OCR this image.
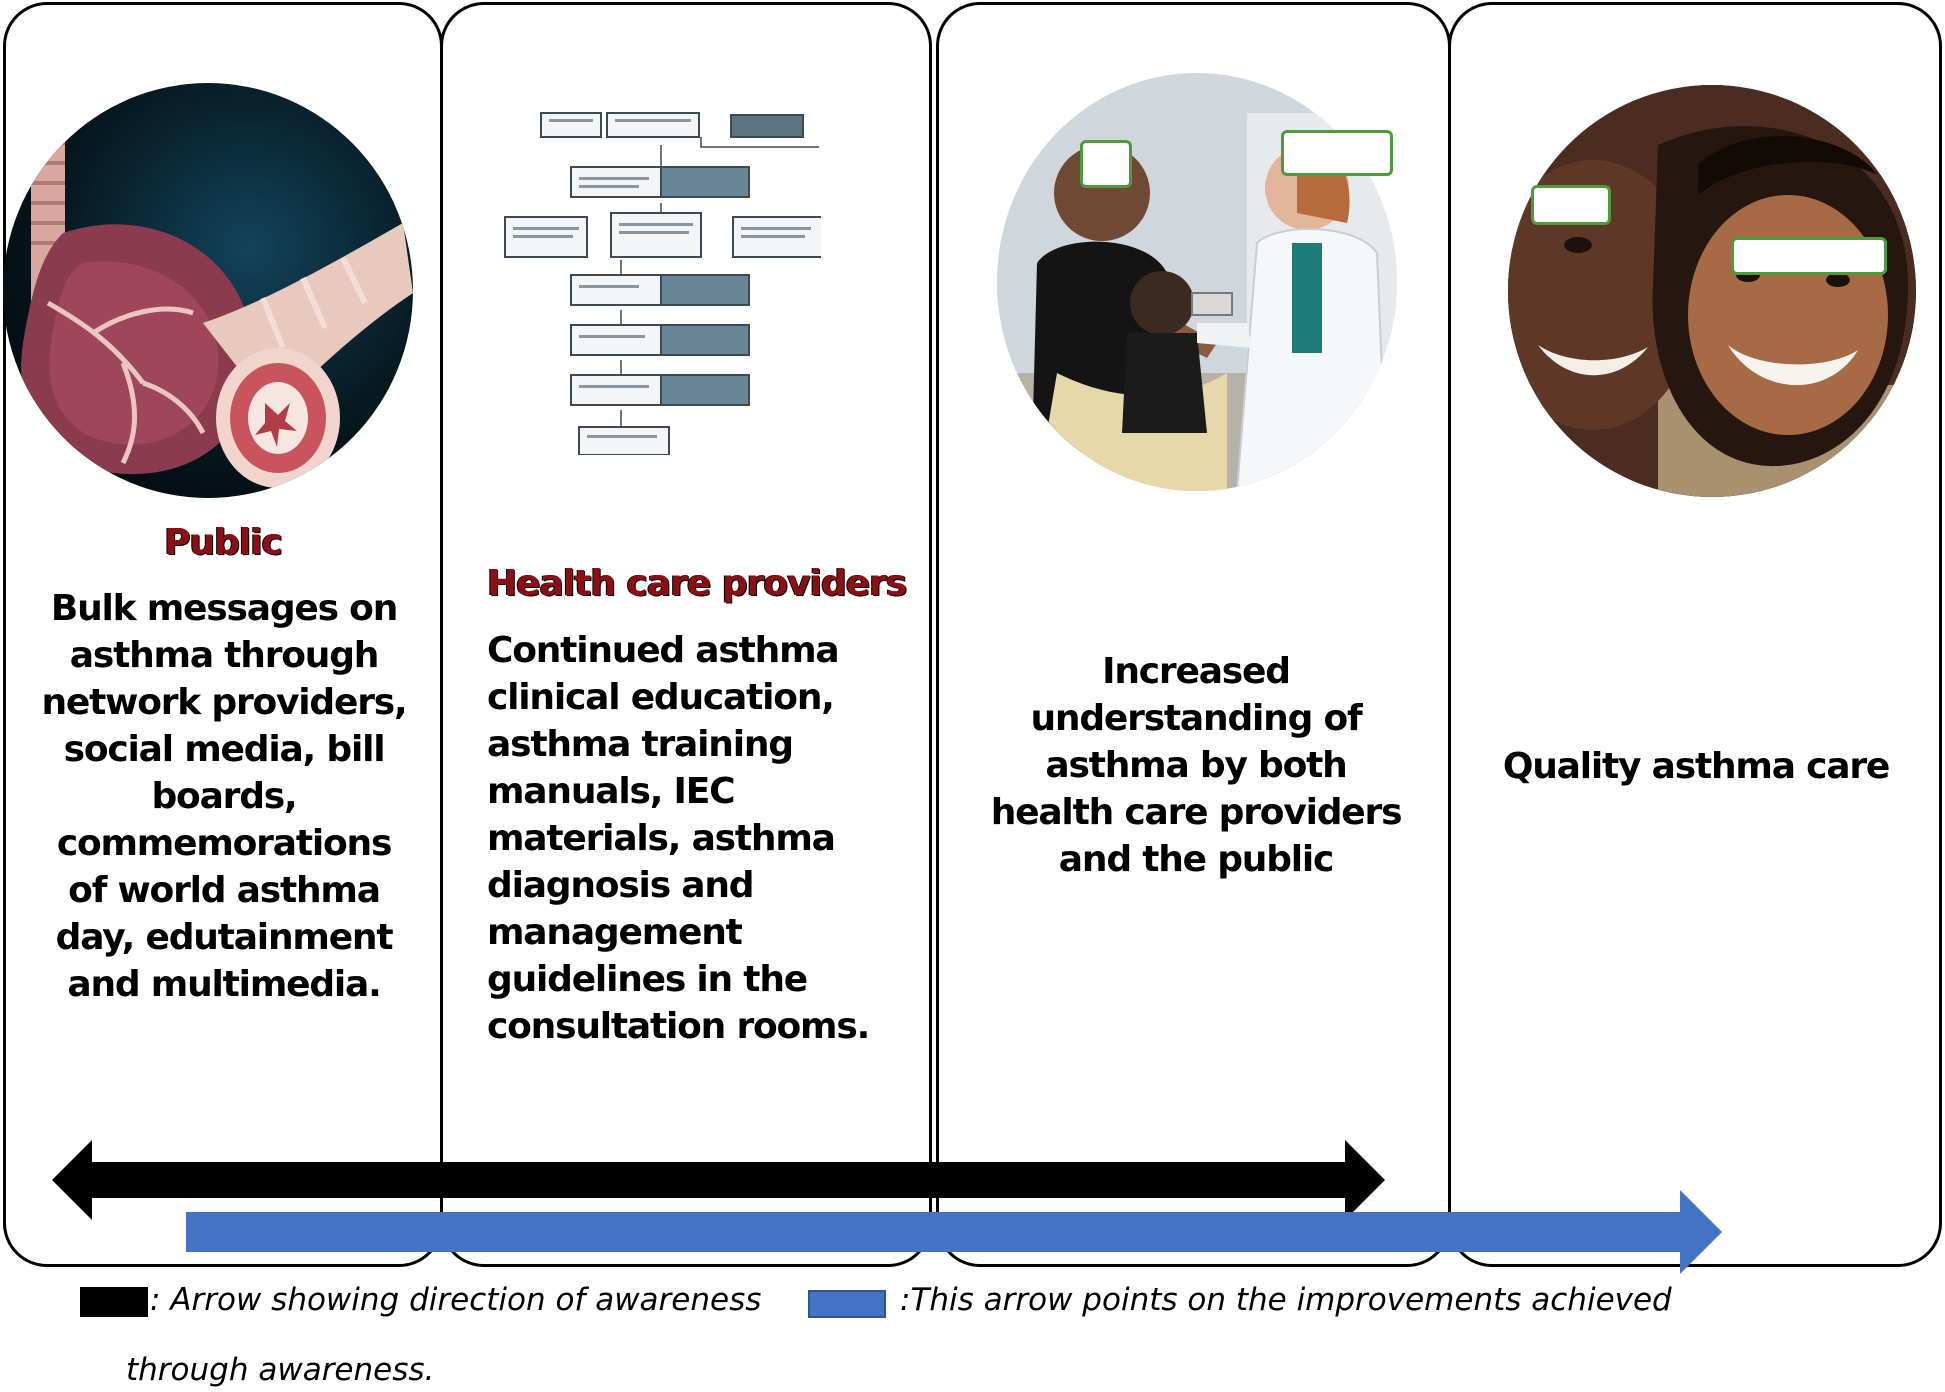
Public
Bulk messages on asthma through network providers, social media, bill boards, commemorations of world asthma day, edutainment and multimedia.
Health care providers
Continued asthma clinical education, asthma training manuals, IEC materials, asthma diagnosis and management guidelines in the consultation rooms.
Increased understanding of asthma by both health care providers and the public
Quality asthma care
: Arrow showing direction of awareness	:This arrow points on the improvements achieved
through awareness.
